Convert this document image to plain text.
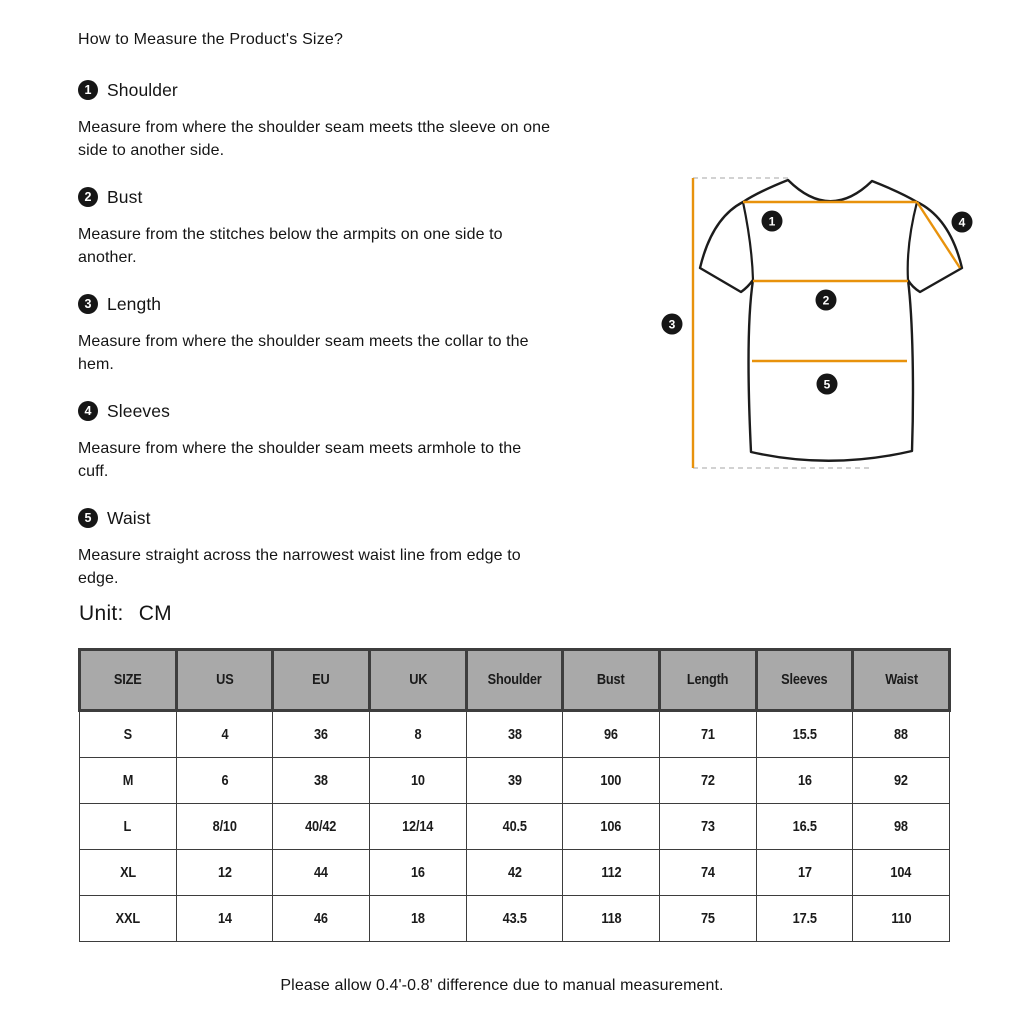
How to Measure the Product's Size?
1 Shoulder

Measure from where the shoulder seam meets tthe sleeve on one
side to another side.

2 Bust

Measure from the stitches below the armpits on one side to
another.

3 Length

Measure from where the shoulder seam meets the collar to the
hem.

4 Sleeves

Measure from where the shoulder seam meets armhole to the
cuff.

5 Waist

Measure straight across the narrowest waist line from edge to
edge.

Unit: CM
1
2
3
4
5
SIZE	US	EU	UK	Shoulder	Bust	Length	Sleeves	Waist
S	4	36	8	38	96	71	15.5	88
M	6	38	10	39	100	72	16	92
L	8/10	40/42	12/14	40.5	106	73	16.5	98
XL	12	44	16	42	112	74	17	104
XXL	14	46	18	43.5	118	75	17.5	110
Please allow 0.4'-0.8' difference due to manual measurement.
